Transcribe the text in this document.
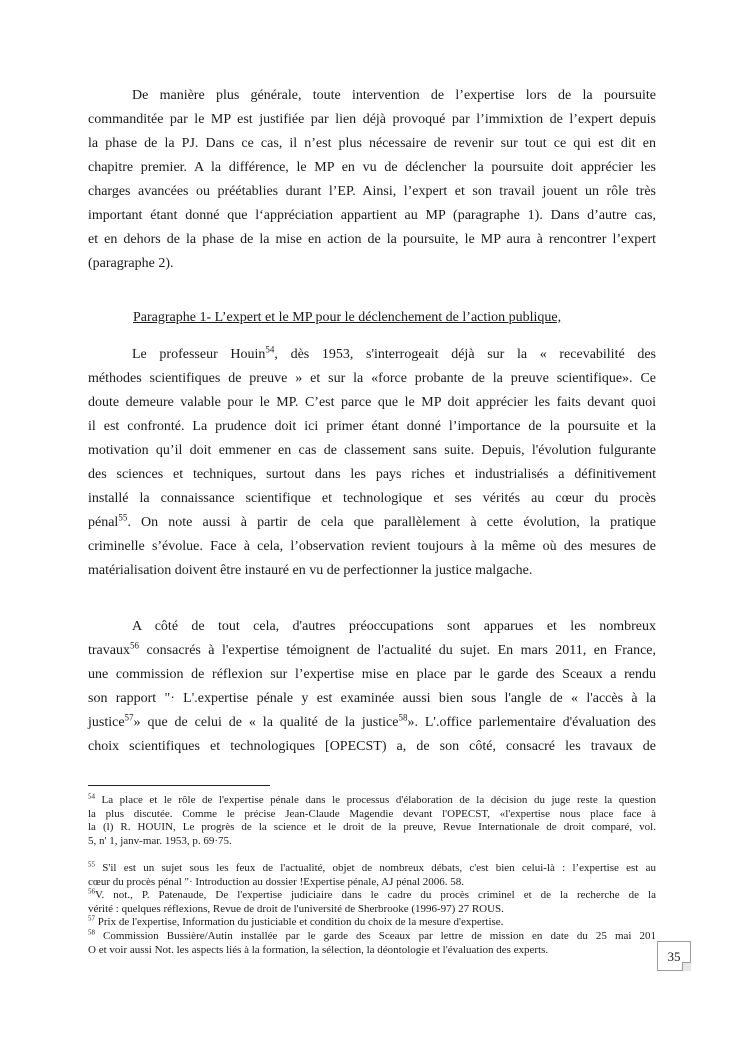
De manière plus générale, toute intervention de l’expertise lors de la poursuite
commanditée par le MP est justifiée par lien déjà provoqué par l’immixtion de l’expert depuis
la phase de la PJ. Dans ce cas, il n’est plus nécessaire de revenir sur tout ce qui est dit en
chapitre premier. A la différence, le MP en vu de déclencher la poursuite doit apprécier les
charges avancées ou préétablies durant l’EP. Ainsi, l’expert et son travail jouent un rôle très
important étant donné que l‘appréciation appartient au MP (paragraphe 1). Dans d’autre cas,
et en dehors de la phase de la mise en action de la poursuite, le MP aura à rencontrer l’expert
(paragraphe 2).

Paragraphe 1- L’expert et le MP pour le déclenchement de l’action publique,

Le professeur Houin$^{54}$, dès 1953, s'interrogeait déjà sur la « recevabilité des
méthodes scientifiques de preuve » et sur la «force probante de la preuve scientifique». Ce
doute demeure valable pour le MP. C’est parce que le MP doit apprécier les faits devant quoi
il est confronté. La prudence doit ici primer étant donné l’importance de la poursuite et la
motivation qu’il doit emmener en cas de classement sans suite. Depuis, l'évolution fulgurante
des sciences et techniques, surtout dans les pays riches et industrialisés a définitivement
installé la connaissance scientifique et technologique et ses vérités au cœur du procès
pénal$^{55}$. On note aussi à partir de cela que parallèlement à cette évolution, la pratique
criminelle s’évolue. Face à cela, l’observation revient toujours à la même où des mesures de
matérialisation doivent être instauré en vu de perfectionner la justice malgache.
A côté de tout cela, d'autres préoccupations sont apparues et les nombreux
travaux$^{56}$ consacrés à l'expertise témoignent de l'actualité du sujet. En mars 2011, en France,
une commission de réflexion sur l’expertise mise en place par le garde des Sceaux a rendu
son rapport "· L'.expertise pénale y est examinée aussi bien sous l'angle de « l'accès à la
justice$^{57}$» que de celui de « la qualité de la justice$^{58}$». L'.office parlementaire d'évaluation des
choix scientifiques et technologiques [OPECST) a, de son côté, consacré les travaux de
$^{54}$ La place et le rôle de l'expertise pénale dans le processus d'élaboration de la décision du juge reste la question
la plus discutée. Comme le précise Jean-Claude Magendie devant l'OPECST, «l'expertise nous place face à
la (l) R. HOUIN, Le progrès de la science et le droit de la preuve, Revue Internationale de droit comparé, vol.
5, n' 1, janv-mar. 1953, p. 69·75.
$^{55}$ S'il est un sujet sous les feux de l'actualité, objet de nombreux débats, c'est bien celui-là : l’expertise est au
cœur du procès pénal "· Introduction au dossier !Expertise pénale, AJ pénal 2006. 58.
$^{56}$V. not., P. Patenaude, De l'expertise judiciaire dans le cadre du procès criminel et de la recherche de la
vérité : quelques réflexions, Revue de droit de l'université de Sherbrooke (1996-97) 27 ROUS.
$^{57}$ Prix de l'expertise, Information du justiciable et condition du choix de la mesure d'expertise.
$^{58}$ Commission Bussière/Autin installée par le garde des Sceaux par lettre de mission en date du 25 mai 201
O et voir aussi Not. les aspects liés à la formation, la sélection, la déontologie et l'évaluation des experts.	35
